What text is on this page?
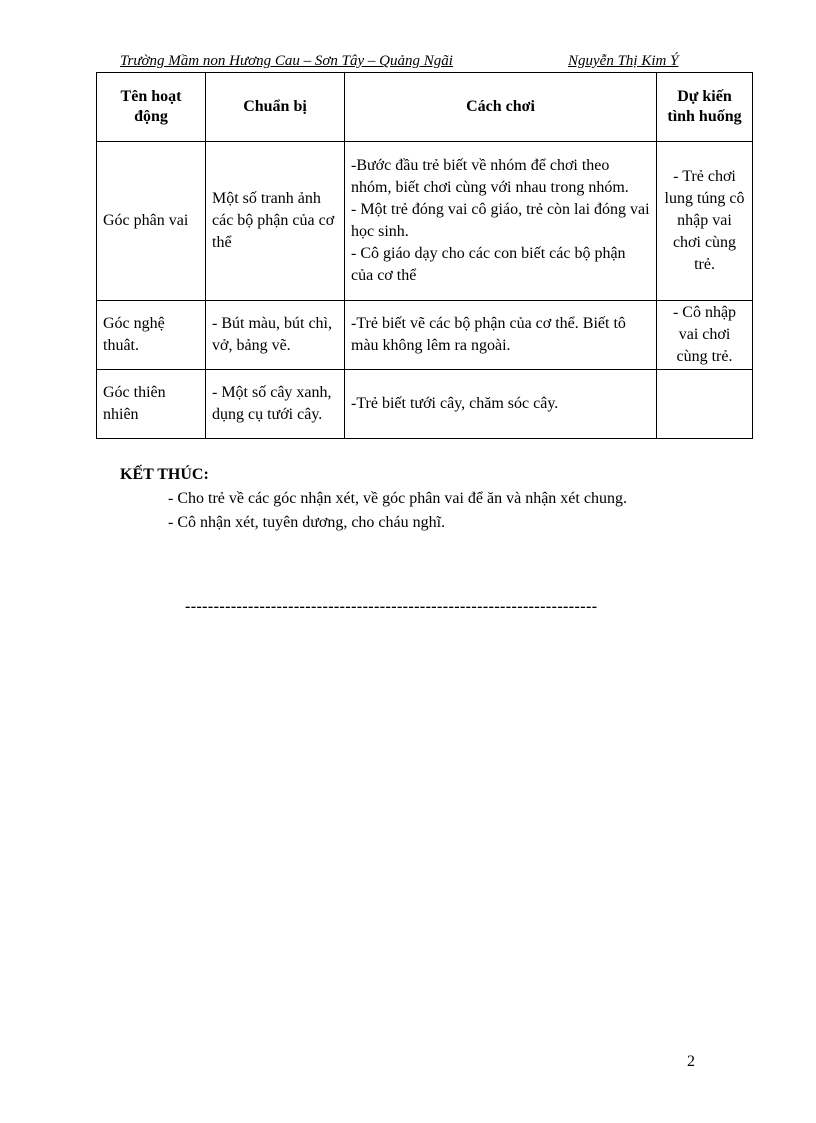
Trường Mầm non Hương Cau – Sơn Tây – Quảng Ngãi	Nguyễn Thị Kim Ý
Tên hoạt động	Chuẩn bị	Cách chơi	Dự kiến tình huống
Góc phân vai	Một số tranh ảnh các bộ phận của cơ thể	-Bước đầu trẻ biết về nhóm để chơi theo nhóm, biết chơi cùng với nhau trong nhóm.
- Một trẻ đóng vai cô giáo, trẻ còn lai đóng vai học sinh.
- Cô giáo dạy cho các con biết các bộ phận của cơ thể	- Trẻ chơi lung túng cô nhập vai chơi cùng trẻ.
Góc nghệ thuât.	- Bút màu, bút chì, vở, bảng vẽ.	-Trẻ biết vẽ các bộ phận của cơ thể. Biết tô màu không lêm ra ngoài.	- Cô nhập vai chơi cùng trẻ.
Góc thiên nhiên	- Một số cây xanh, dụng cụ tưới cây.	-Trẻ biết tưới cây, chăm sóc cây.	

KẾT THÚC:
- Cho trẻ về các góc nhận xét, về góc phân vai để ăn và nhận xét chung.
- Cô nhận xét, tuyên dương, cho cháu nghĩ.
------------------------------------------------------------------------
2
